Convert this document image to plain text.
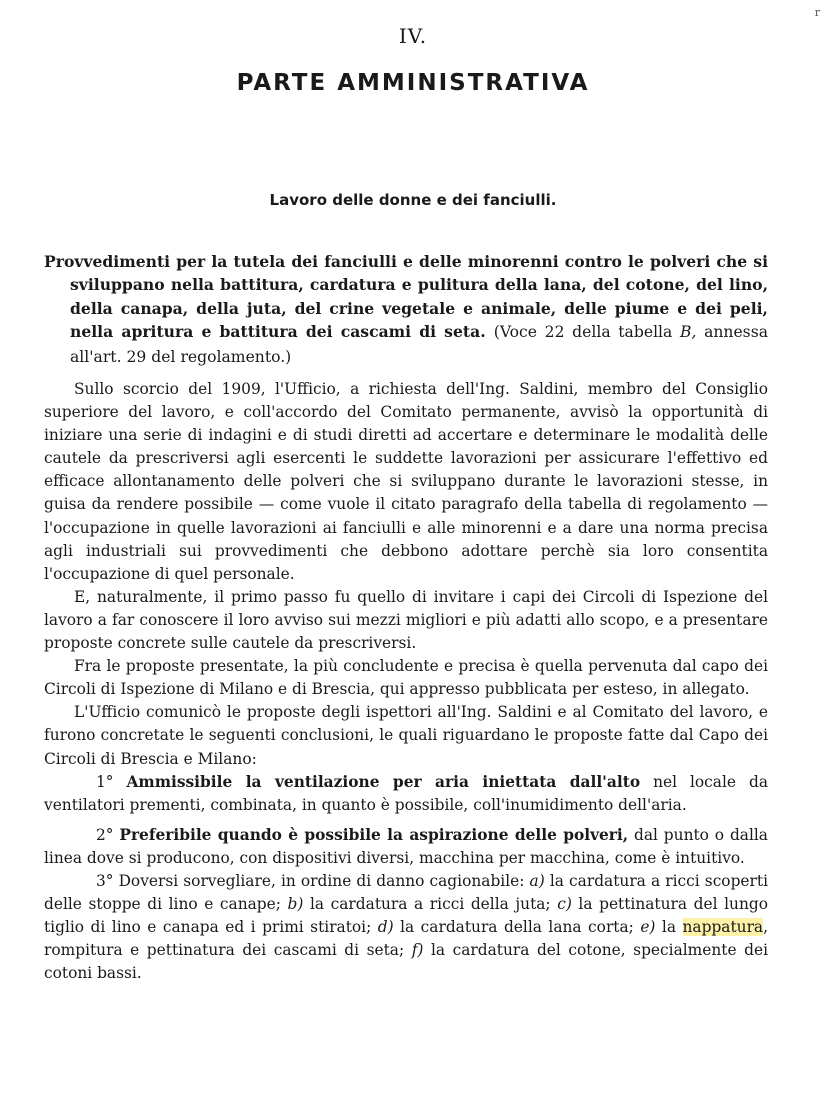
r
IV.
PARTE AMMINISTRATIVA
Lavoro delle donne e dei fanciulli.
Provvedimenti per la tutela dei fanciulli e delle minorenni contro le polveri che si sviluppano nella battitura, cardatura e pulitura della lana, del cotone, del lino, della canapa, della juta, del crine vegetale e animale, delle piume e dei peli, nella apritura e battitura dei cascami di seta. (Voce 22 della tabella B, annessa all'art. 29 del regolamento.)

Sullo scorcio del 1909, l'Ufficio, a richiesta dell'Ing. Saldini, membro del Consiglio superiore del lavoro, e coll'accordo del Comitato permanente, avvisò la opportunità di iniziare una serie di indagini e di studi diretti ad accertare e determinare le modalità delle cautele da prescriversi agli esercenti le suddette lavorazioni per assicurare l'effettivo ed efficace allontanamento delle polveri che si sviluppano durante le lavorazioni stesse, in guisa da rendere possibile — come vuole il citato paragrafo della tabella di regolamento — l'occupazione in quelle lavorazioni ai fanciulli e alle minorenni e a dare una norma precisa agli industriali sui provvedimenti che debbono adottare perchè sia loro consentita l'occupazione di quel personale.

E, naturalmente, il primo passo fu quello di invitare i capi dei Circoli di Ispezione del lavoro a far conoscere il loro avviso sui mezzi migliori e più adatti allo scopo, e a presentare proposte concrete sulle cautele da prescriversi.

Fra le proposte presentate, la più concludente e precisa è quella pervenuta dal capo dei Circoli di Ispezione di Milano e di Brescia, qui appresso pubblicata per esteso, in allegato.

L'Ufficio comunicò le proposte degli ispettori all'Ing. Saldini e al Comitato del lavoro, e furono concretate le seguenti conclusioni, le quali riguardano le proposte fatte dal Capo dei Circoli di Brescia e Milano:

1° Ammissibile la ventilazione per aria iniettata dall'alto nel locale da ventilatori prementi, combinata, in quanto è possibile, coll'inumidimento dell'aria.

2° Preferibile quando è possibile la aspirazione delle polveri, dal punto o dalla linea dove si producono, con dispositivi diversi, macchina per macchina, come è intuitivo.

3° Doversi sorvegliare, in ordine di danno cagionabile: a) la cardatura a ricci scoperti delle stoppe di lino e canape; b) la cardatura a ricci della juta; c) la pettinatura del lungo tiglio di lino e canapa ed i primi stiratoi; d) la cardatura della lana corta; e) la nappatura, rompitura e pettinatura dei cascami di seta; f) la cardatura del cotone, specialmente dei cotoni bassi.
